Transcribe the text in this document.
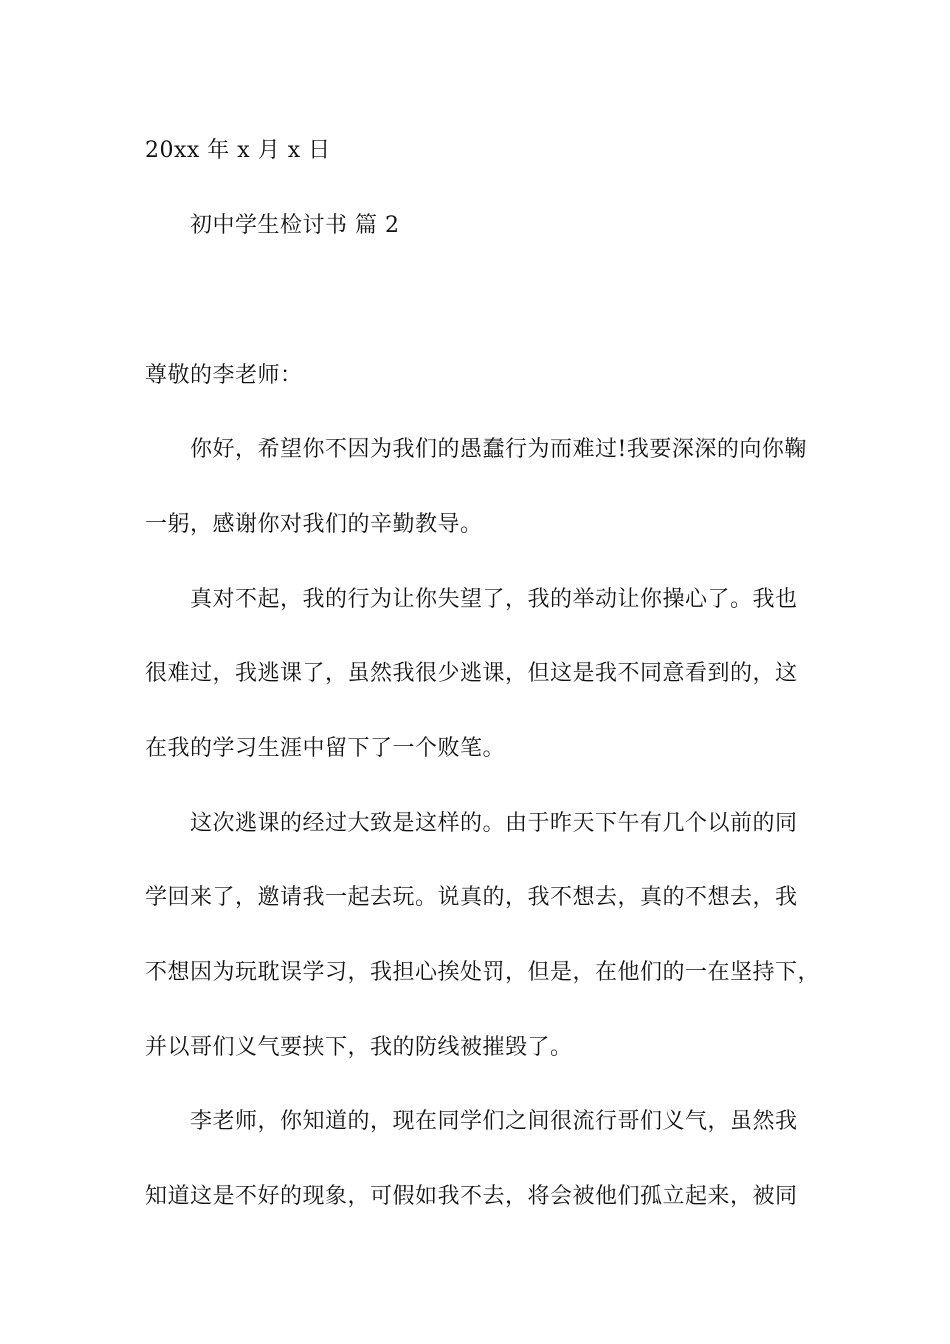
20xx 年 x 月 x 日
初中学生检讨书 篇 2
尊敬的李老师：
你好，希望你不因为我们的愚蠢行为而难过!我要深深的向你鞠
一躬，感谢你对我们的辛勤教导。
真对不起，我的行为让你失望了，我的举动让你操心了。我也
很难过，我逃课了，虽然我很少逃课，但这是我不同意看到的，这
在我的学习生涯中留下了一个败笔。
这次逃课的经过大致是这样的。由于昨天下午有几个以前的同
学回来了，邀请我一起去玩。说真的，我不想去，真的不想去，我
不想因为玩耽误学习，我担心挨处罚，但是，在他们的一在坚持下，
并以哥们义气要挟下，我的防线被摧毁了。
李老师，你知道的，现在同学们之间很流行哥们义气，虽然我
知道这是不好的现象，可假如我不去，将会被他们孤立起来，被同
